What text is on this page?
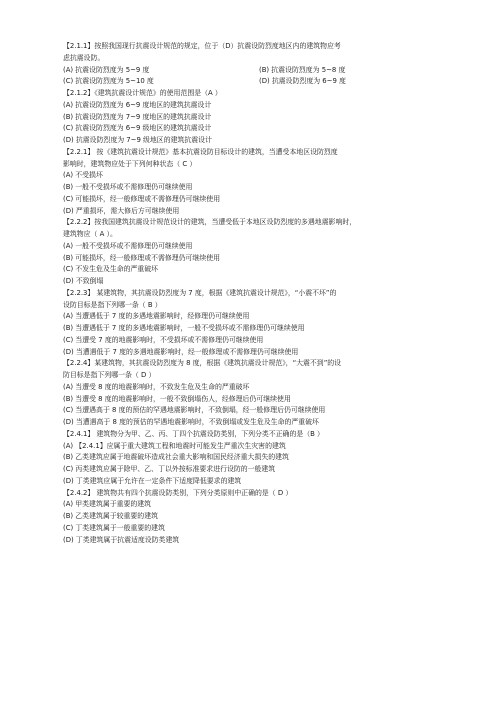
【2.1.1】按照我国现行抗震设计规范的规定，位于（D）抗震设防烈度地区内的建筑物应考
虑抗震设防。
(A) 抗震设防烈度为 5~9 度	(B) 抗震设防烈度为 5~8 度
(C) 抗震设防烈度为 5~10 度	(D) 抗震设防烈度为 6~9 度
【2.1.2】《建筑抗震设计规范》的使用范围是（A ）
(A) 抗震设防烈度为 6~9 度地区的建筑抗震设计
(B) 抗震设防烈度为 7~9 度地区的建筑抗震设计
(C) 抗震设防烈度为 6~9 级地区的建筑抗震设计
(D) 抗震设防烈度为 7~9 级地区的建筑抗震设计
【2.2.1】 按《建筑抗震设计规范》基本抗震设防目标设计的建筑，当遭受本地区设防烈度
影响时，建筑物应处于下列何种状态（ C ）
(A) 不受损坏
(B) 一般不受损坏或不需修理仍可继续使用
(C) 可能损坏，经一般修理或不需修理仍可继续使用
(D) 严重损坏，需大修后方可继续使用
【2.2.2】按我国建筑抗震设计规范设计的建筑，当遭受低于本地区设防烈度的多遇地震影响时，
建筑物应（ A ）。
(A) 一般不受损坏或不需修理仍可继续使用
(B) 可能损坏，经一般修理或不需修理仍可继续使用
(C) 不发生危及生命的严重破坏
(D) 不致倒塌
【2.2.3】 某建筑物，其抗震设防烈度为 7 度，根据《建筑抗震设计规范》，“小震不坏”的
设防目标是指下列哪一条（ B ）
(A) 当遭遇低于 7 度的多遇地震影响时，经修理仍可继续使用
(B) 当遭遇低于 7 度的多遇地震影响时，一般不受损坏或不需修理仍可继续使用
(C) 当遭受 7 度的地震影响时，不受损坏或不需修理仍可继续使用
(D) 当遭遇低于 7 度的多遇地震影响时，经一般修理或不需修理仍可继续使用
【2.2.4】某建筑物，其抗震设防烈度为 8 度，根据《建筑抗震设计规范》，“大震不到”的设
防目标是指下列哪一条（ D ）
(A) 当遭受 8 度的地震影响时，不致发生危及生命的严重破坏
(B) 当遭受 8 度的地震影响时，一般不致倒塌伤人，经修理后仍可继续使用
(C) 当遭遇高于 8 度的预估的罕遇地震影响时，不致倒塌，经一般修理后仍可继续使用
(D) 当遭遇高于 8 度的预估的罕遇地震影响时，不致倒塌或发生危及生命的严重破坏
【2.4.1】 建筑物分为甲、乙、丙、丁四个抗震设防类别，下列分类不正确的是（B ）
(A) 【2.4.1】应属于重大建筑工程和地震时可能发生严重次生灾害的建筑
(B) 乙类建筑应属于地震破坏造成社会重大影响和国民经济重大损失的建筑
(C) 丙类建筑应属于除甲、乙、丁以外按标准要求进行设防的一般建筑
(D) 丁类建筑应属于允许在一定条件下适度降低要求的建筑
【2.4.2】 建筑物共有四个抗震设防类别，下列分类原则中正确的是（ D ）
(A) 甲类建筑属于重要的建筑
(B) 乙类建筑属于较重要的建筑
(C) 丁类建筑属于一般重要的建筑
(D) 丁类建筑属于抗震适度设防类建筑
